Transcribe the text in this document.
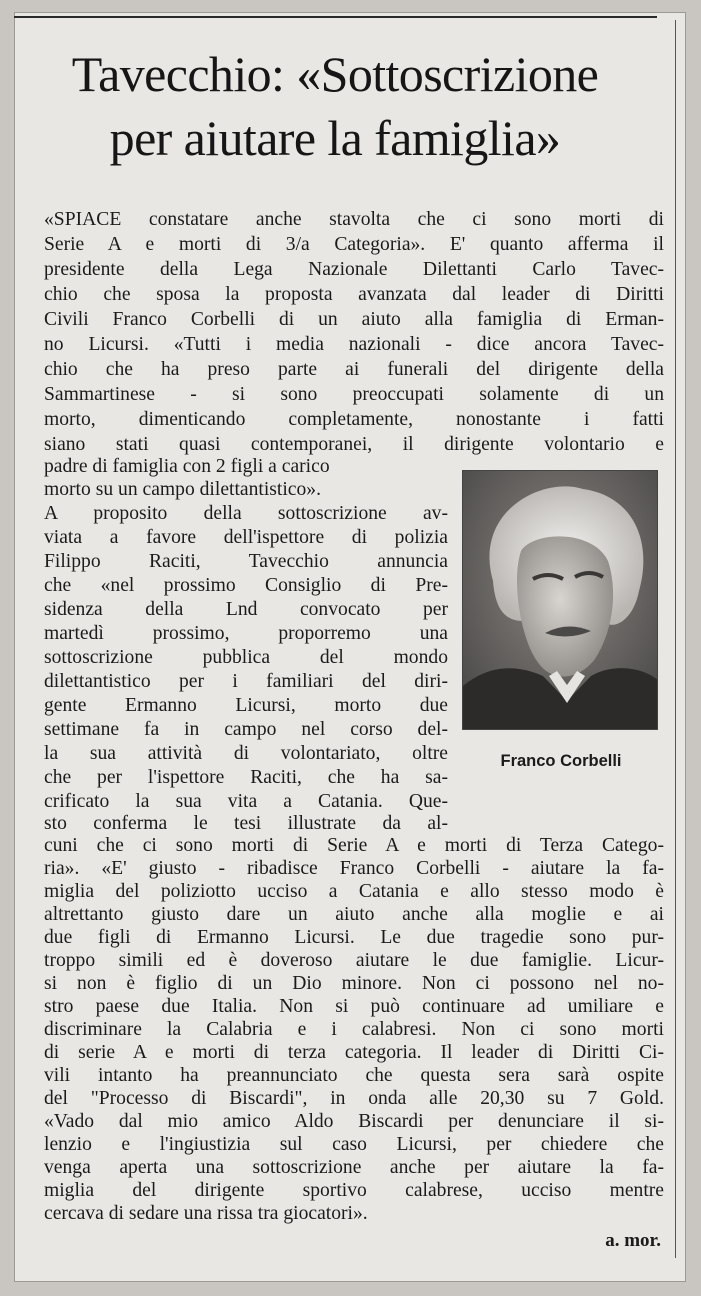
Tavecchio: «Sottoscrizione
per aiutare la famiglia»
«SPIACE constatare anche stavolta che ci sono morti di
Serie A e morti di 3/a Categoria». E' quanto afferma il
presidente della Lega Nazionale Dilettanti Carlo Tavec-
chio che sposa la proposta avanzata dal leader di Diritti
Civili Franco Corbelli di un aiuto alla famiglia di Erman-
no Licursi. «Tutti i media nazionali - dice ancora Tavec-
chio che ha preso parte ai funerali del dirigente della
Sammartinese - si sono preoccupati solamente di un
morto, dimenticando completamente, nonostante i fatti
siano stati quasi contemporanei, il dirigente volontario e
padre di famiglia con 2 figli a carico
morto su un campo dilettantistico».
A proposito della sottoscrizione av-
viata a favore dell'ispettore di polizia
Filippo Raciti, Tavecchio annuncia
che «nel prossimo Consiglio di Pre-
sidenza della Lnd convocato per
martedì prossimo, proporremo una
sottoscrizione pubblica del mondo
dilettantistico per i familiari del diri-
gente Ermanno Licursi, morto due
settimane fa in campo nel corso del-
la sua attività di volontariato, oltre
che per l'ispettore Raciti, che ha sa-
crificato la sua vita a Catania. Que-
sto conferma le tesi illustrate da al-
cuni che ci sono morti di Serie A e morti di Terza Catego-
ria». «E' giusto - ribadisce Franco Corbelli - aiutare la fa-
miglia del poliziotto ucciso a Catania e allo stesso modo è
altrettanto giusto dare un aiuto anche alla moglie e ai
due figli di Ermanno Licursi. Le due tragedie sono pur-
troppo simili ed è doveroso aiutare le due famiglie. Licur-
si non è figlio di un Dio minore. Non ci possono nel no-
stro paese due Italia. Non si può continuare ad umiliare e
discriminare la Calabria e i calabresi. Non ci sono morti
di serie A e morti di terza categoria. Il leader di Diritti Ci-
vili intanto ha preannunciato che questa sera sarà ospite
del "Processo di Biscardi", in onda alle 20,30 su 7 Gold.
«Vado dal mio amico Aldo Biscardi per denunciare il si-
lenzio e l'ingiustizia sul caso Licursi, per chiedere che
venga aperta una sottoscrizione anche per aiutare la fa-
miglia del dirigente sportivo calabrese, ucciso mentre
cercava di sedare una rissa tra giocatori».
Franco Corbelli
a. mor.
